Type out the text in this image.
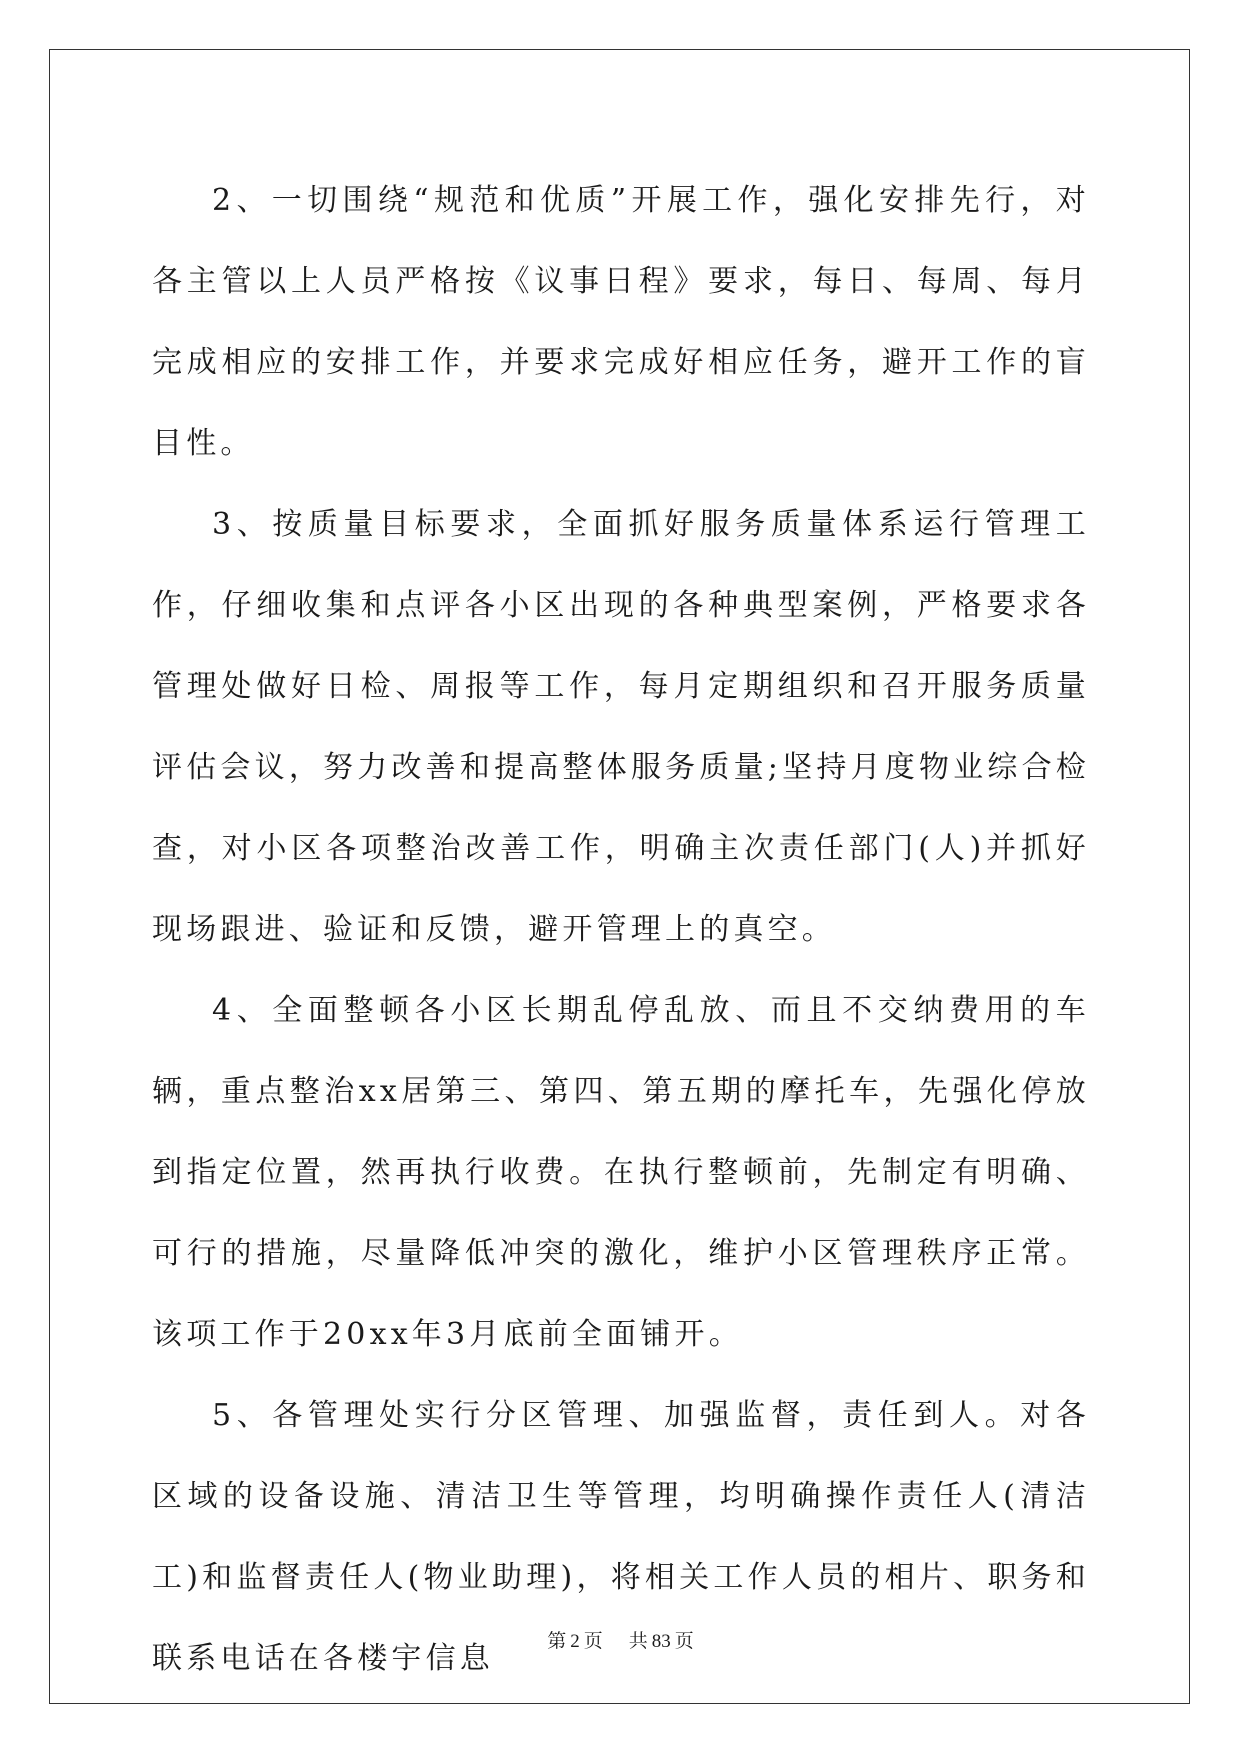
2、一切围绕“规范和优质”开展工作，强化安排先行，对各主管以上人员严格按《议事日程》要求，每日、每周、每月完成相应的安排工作，并要求完成好相应任务，避开工作的盲目性。

3、按质量目标要求，全面抓好服务质量体系运行管理工作，仔细收集和点评各小区出现的各种典型案例，严格要求各管理处做好日检、周报等工作，每月定期组织和召开服务质量评估会议，努力改善和提高整体服务质量;坚持月度物业综合检查，对小区各项整治改善工作，明确主次责任部门(人)并抓好现场跟进、验证和反馈，避开管理上的真空。

4、全面整顿各小区长期乱停乱放、而且不交纳费用的车辆，重点整治xx居第三、第四、第五期的摩托车，先强化停放到指定位置，然再执行收费。在执行整顿前，先制定有明确、可行的措施，尽量降低冲突的激化，维护小区管理秩序正常。该项工作于20xx年3月底前全面铺开。

5、各管理处实行分区管理、加强监督，责任到人。对各区域的设备设施、清洁卫生等管理，均明确操作责任人(清洁工)和监督责任人(物业助理)，将相关工作人员的相片、职务和联系电话在各楼宇信息	第 2 页 共 83 页
